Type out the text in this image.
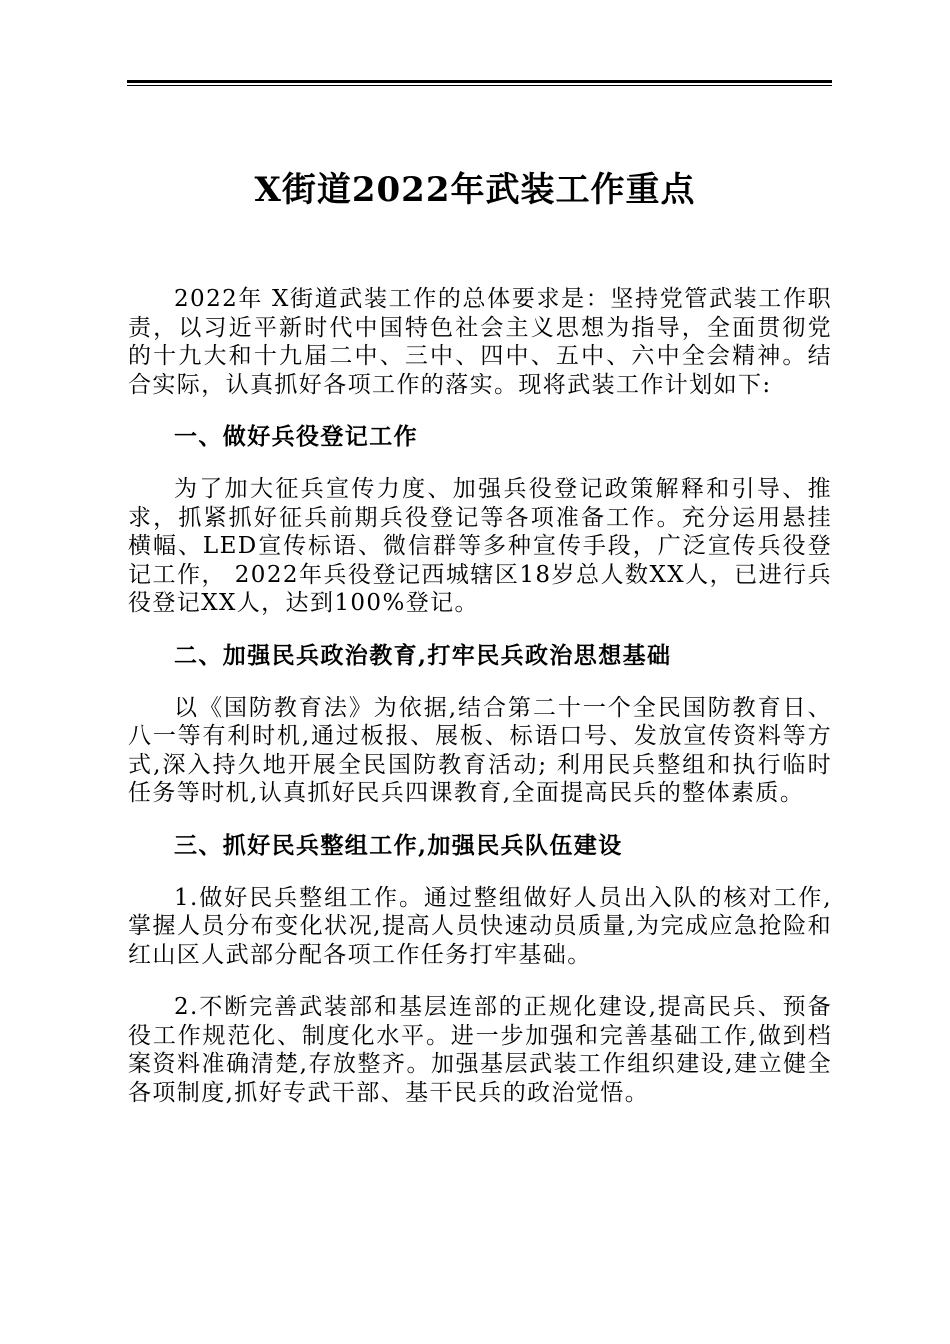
X街道2022年武装工作重点

2022年 X街道武装工作的总体要求是：坚持党管武装工作职责，以习近平新时代中国特色社会主义思想为指导，全面贯彻党的十九大和十九届二中、三中、四中、五中、六中全会精神。结合实际，认真抓好各项工作的落实。现将武装工作计划如下:

一、做好兵役登记工作

为了加大征兵宣传力度、加强兵役登记政策解释和引导、推 求，抓紧抓好征兵前期兵役登记等各项准备工作。充分运用悬挂横幅、LED宣传标语、微信群等多种宣传手段，广泛宣传兵役登记工作， 2022年兵役登记西城辖区18岁总人数XX人，已进行兵役登记XX人，达到100%登记。

二、加强民兵政治教育,打牢民兵政治思想基础

以《国防教育法》为依据,结合第二十一个全民国防教育日、八一等有利时机,通过板报、展板、标语口号、发放宣传资料等方式,深入持久地开展全民国防教育活动; 利用民兵整组和执行临时任务等时机,认真抓好民兵四课教育,全面提高民兵的整体素质。

三、抓好民兵整组工作,加强民兵队伍建设

1.做好民兵整组工作。通过整组做好人员出入队的核对工作,掌握人员分布变化状况,提高人员快速动员质量,为完成应急抢险和红山区人武部分配各项工作任务打牢基础。

2.不断完善武装部和基层连部的正规化建设,提高民兵、预备役工作规范化、制度化水平。进一步加强和完善基础工作,做到档案资料准确清楚,存放整齐。加强基层武装工作组织建设,建立健全各项制度,抓好专武干部、基干民兵的政治觉悟。
